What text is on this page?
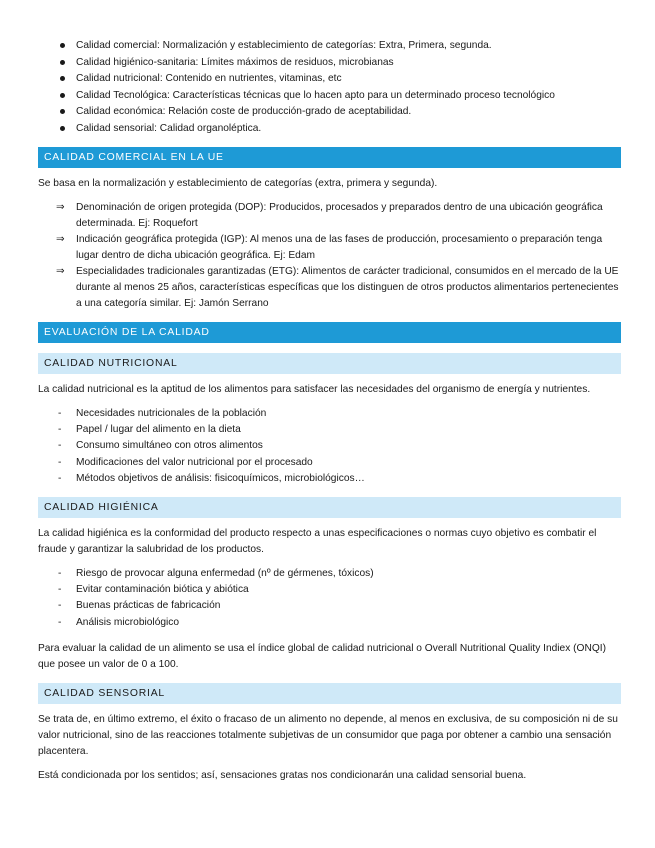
Calidad comercial: Normalización y establecimiento de categorías: Extra, Primera, segunda.
Calidad higiénico-sanitaria: Límites máximos de residuos, microbianas
Calidad nutricional: Contenido en nutrientes, vitaminas, etc
Calidad Tecnológica: Características técnicas que lo hacen apto para un determinado proceso tecnológico
Calidad económica: Relación coste de producción-grado de aceptabilidad.
Calidad sensorial: Calidad organoléptica.
CALIDAD COMERCIAL EN LA UE

Se basa en la normalización y establecimiento de categorías (extra, primera y segunda).

⇒ Denominación de origen protegida (DOP): Producidos, procesados y preparados dentro de una ubicación geográfica determinada. Ej: Roquefort
⇒ Indicación geográfica protegida (IGP): Al menos una de las fases de producción, procesamiento o preparación tenga lugar dentro de dicha ubicación geográfica. Ej: Edam
⇒ Especialidades tradicionales garantizadas (ETG): Alimentos de carácter tradicional, consumidos en el mercado de la UE durante al menos 25 años, características específicas que los distinguen de otros productos alimentarios pertenecientes a una categoría similar. Ej: Jamón Serrano
EVALUACIÓN DE LA CALIDAD
CALIDAD NUTRICIONAL

La calidad nutricional es la aptitud de los alimentos para satisfacer las necesidades del organismo de energía y nutrientes.

- Necesidades nutricionales de la población
- Papel / lugar del alimento en la dieta
- Consumo simultáneo con otros alimentos
- Modificaciones del valor nutricional por el procesado
- Métodos objetivos de análisis: fisicoquímicos, microbiológicos…
CALIDAD HIGIÉNICA

La calidad higiénica es la conformidad del producto respecto a unas especificaciones o normas cuyo objetivo es combatir el fraude y garantizar la salubridad de los productos.

- Riesgo de provocar alguna enfermedad (nº de gérmenes, tóxicos)
- Evitar contaminación biótica y abiótica
- Buenas prácticas de fabricación
- Análisis microbiológico

Para evaluar la calidad de un alimento se usa el índice global de calidad nutricional o Overall Nutritional Quality Indiex (ONQI) que posee un valor de 0 a 100.

CALIDAD SENSORIAL

Se trata de, en último extremo, el éxito o fracaso de un alimento no depende, al menos en exclusiva, de su composición ni de su valor nutricional, sino de las reacciones totalmente subjetivas de un consumidor que paga por obtener a cambio una sensación placentera.

Está condicionada por los sentidos; así, sensaciones gratas nos condicionarán una calidad sensorial buena.
